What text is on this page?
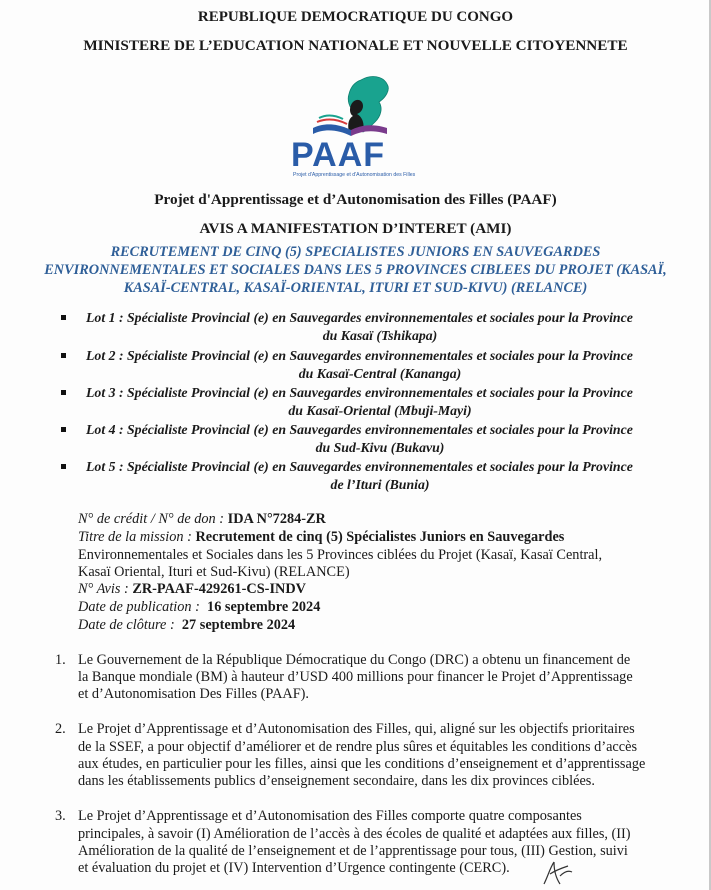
REPUBLIQUE DEMOCRATIQUE DU CONGO
MINISTERE DE L’EDUCATION NATIONALE ET NOUVELLE CITOYENNETE
PAAF
Projet d'Apprentissage et d'Autonomisation des Filles
Projet d'Apprentissage et d’Autonomisation des Filles (PAAF)
AVIS A MANIFESTATION D’INTERET (AMI)
RECRUTEMENT DE CINQ (5) SPECIALISTES JUNIORS EN SAUVEGARDES
ENVIRONNEMENTALES ET SOCIALES DANS LES 5 PROVINCES CIBLEES DU PROJET (KASAÏ,
KASAÏ-CENTRAL, KASAÏ-ORIENTAL, ITURI ET SUD-KIVU) (RELANCE)
Lot 1 : Spécialiste Provincial (e) en Sauvegardes environnementales et sociales pour la Province
du Kasaï (Tshikapa)
Lot 2 : Spécialiste Provincial (e) en Sauvegardes environnementales et sociales pour la Province
du Kasaï-Central (Kananga)
Lot 3 : Spécialiste Provincial (e) en Sauvegardes environnementales et sociales pour la Province
du Kasaï-Oriental (Mbuji-Mayi)
Lot 4 : Spécialiste Provincial (e) en Sauvegardes environnementales et sociales pour la Province
du Sud-Kivu (Bukavu)
Lot 5 : Spécialiste Provincial (e) en Sauvegardes environnementales et sociales pour la Province
de l’Ituri (Bunia)
N° de crédit / N° de don : IDA N°7284-ZR
Titre de la mission : Recrutement de cinq (5) Spécialistes Juniors en Sauvegardes
Environnementales et Sociales dans les 5 Provinces ciblées du Projet (Kasaï, Kasaï Central,
Kasaï Oriental, Ituri et Sud-Kivu) (RELANCE)
N° Avis : ZR-PAAF-429261-CS-INDV
Date de publication :  16 septembre 2024
Date de clôture :  27 septembre 2024
1. Le Gouvernement de la République Démocratique du Congo (DRC) a obtenu un financement de
la Banque mondiale (BM) à hauteur d’USD 400 millions pour financer le Projet d’Apprentissage
et d’Autonomisation Des Filles (PAAF).
2. Le Projet d’Apprentissage et d’Autonomisation des Filles, qui, aligné sur les objectifs prioritaires
de la SSEF, a pour objectif d’améliorer et de rendre plus sûres et équitables les conditions d’accès
aux études, en particulier pour les filles, ainsi que les conditions d’enseignement et d’apprentissage
dans les établissements publics d’enseignement secondaire, dans les dix provinces ciblées.
3. Le Projet d’Apprentissage et d’Autonomisation des Filles comporte quatre composantes
principales, à savoir (I) Amélioration de l’accès à des écoles de qualité et adaptées aux filles, (II)
Amélioration de la qualité de l’enseignement et de l’apprentissage pour tous, (III) Gestion, suivi
et évaluation du projet et (IV) Intervention d’Urgence contingente (CERC).
